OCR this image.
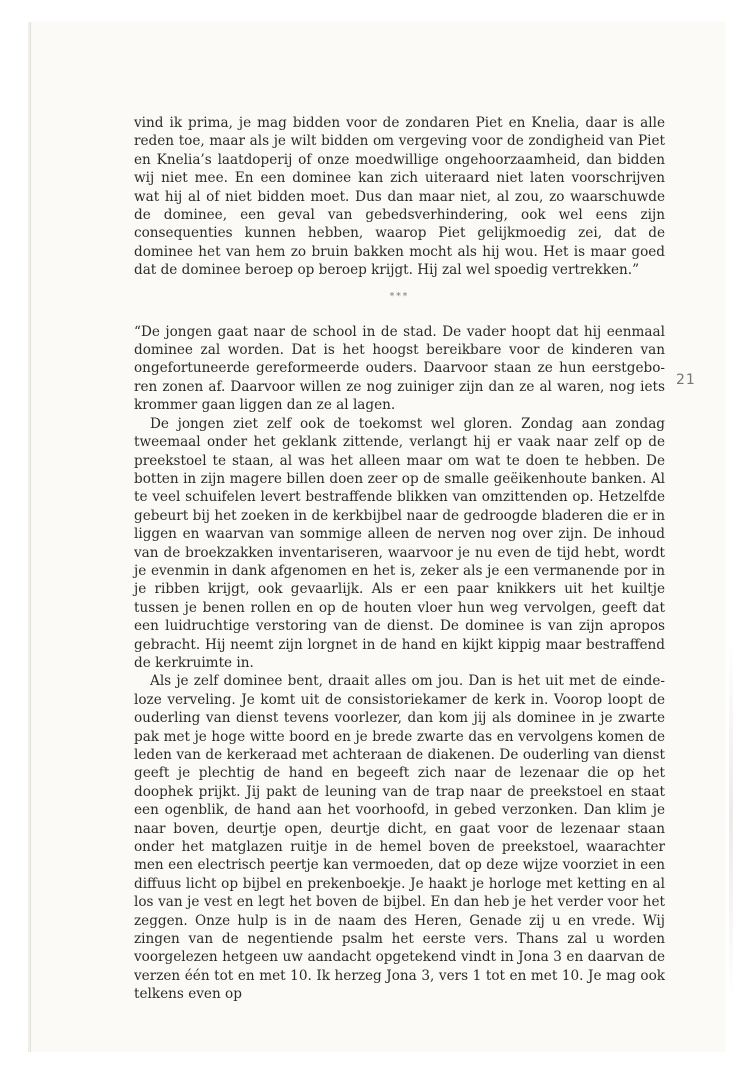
vind ik prima, je mag bidden voor de zondaren Piet en Knelia, daar is alle reden toe, maar als je wilt bidden om vergeving voor de zondigheid van Piet en Knelia’s laatdoperij of onze moedwillige ongehoorzaamheid, dan bidden wij niet mee. En een dominee kan zich uiteraard niet laten voorschrijven wat hij al of niet bidden moet. Dus dan maar niet, al zou, zo waarschuwde de dominee, een geval van gebedsverhindering, ook wel eens zijn consequenties kunnen hebben, waarop Piet gelijkmoedig zei, dat de dominee het van hem zo bruin bakken mocht als hij wou. Het is maar goed dat de dominee beroep op beroep krijgt. Hij zal wel spoedig vertrekken.”

***

“De jongen gaat naar de school in de stad. De vader hoopt dat hij eenmaal dominee zal worden. Dat is het hoogst bereikbare voor de kinderen van ongefortuneerde gereformeerde ouders. Daarvoor staan ze hun eerstgeboren zonen af. Daarvoor willen ze nog zuiniger zijn dan ze al waren, nog iets krommer gaan liggen dan ze al lagen.

De jongen ziet zelf ook de toekomst wel gloren. Zondag aan zondag tweemaal onder het geklank zittende, verlangt hij er vaak naar zelf op de preekstoel te staan, al was het alleen maar om wat te doen te hebben. De botten in zijn magere billen doen zeer op de smalle geëikenhoute banken. Al te veel schuifelen levert bestraffende blikken van omzittenden op. Hetzelfde gebeurt bij het zoeken in de kerkbijbel naar de gedroogde bladeren die er in liggen en waarvan van sommige alleen de nerven nog over zijn. De inhoud van de broekzakken inventariseren, waarvoor je nu even de tijd hebt, wordt je evenmin in dank afgenomen en het is, zeker als je een vermanende por in je ribben krijgt, ook gevaarlijk. Als er een paar knikkers uit het kuiltje tussen je benen rollen en op de houten vloer hun weg vervolgen, geeft dat een luidruchtige verstoring van de dienst. De dominee is van zijn apropos gebracht. Hij neemt zijn lorgnet in de hand en kijkt kippig maar bestraffend de kerkruimte in.

Als je zelf dominee bent, draait alles om jou. Dan is het uit met de eindeloze verveling. Je komt uit de consistoriekamer de kerk in. Voorop loopt de ouderling van dienst tevens voorlezer, dan kom jij als dominee in je zwarte pak met je hoge witte boord en je brede zwarte das en vervolgens komen de leden van de kerkeraad met achteraan de diakenen. De ouderling van dienst geeft je plechtig de hand en begeeft zich naar de lezenaar die op het doophek prijkt. Jij pakt de leuning van de trap naar de preekstoel en staat een ogenblik, de hand aan het voorhoofd, in gebed verzonken. Dan klim je naar boven, deurtje open, deurtje dicht, en gaat voor de lezenaar staan onder het matglazen ruitje in de hemel boven de preekstoel, waarachter men een electrisch peertje kan vermoeden, dat op deze wijze voorziet in een diffuus licht op bijbel en prekenboekje. Je haakt je horloge met ketting en al los van je vest en legt het boven de bijbel. En dan heb je het verder voor het zeggen. Onze hulp is in de naam des Heren, Genade zij u en vrede. Wij zingen van de negentiende psalm het eerste vers. Thans zal u worden voorgelezen hetgeen uw aandacht opgetekend vindt in Jona 3 en daarvan de verzen één tot en met 10. Ik herzeg Jona 3, vers 1 tot en met 10. Je mag ook telkens even op

21
